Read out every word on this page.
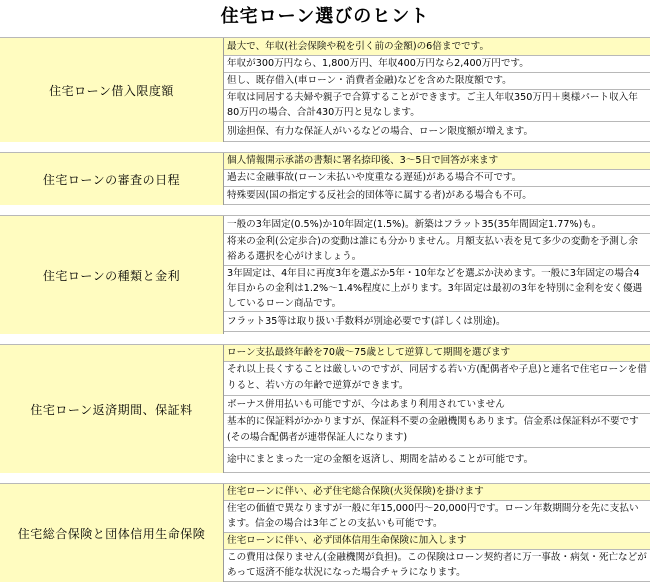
住宅ローン選びのヒント
住宅ローン借入限度額
最大で、年収(社会保険や税を引く前の金額)の6倍までです。
年収が300万円なら、1,800万円、年収400万円なら2,400万円です。
但し、既存借入(車ローン・消費者金融)などを含めた限度額です。
年収は同居する夫婦や親子で合算することができます。ご主人年収350万円＋奥様パート収入年80万円の場合、合計430万円と見なします。
別途担保、有力な保証人がいるなどの場合、ローン限度額が増えます。
住宅ローンの審査の日程
個人情報開示承諾の書類に署名捺印後、3～5日で回答が来ます
過去に金融事故(ローン未払いや度重なる遅延)がある場合不可です。
特殊要因(国の指定する反社会的団体等に属する者)がある場合も不可。
住宅ローンの種類と金利
一般の3年固定(0.5%)か10年固定(1.5%)。新築はフラット35(35年間固定1.77%)も。
将来の金利(公定歩合)の変動は誰にも分かりません。月額支払い表を見て多少の変動を予測し余裕ある選択を心がけましょう。
3年固定は、4年目に再度3年を選ぶか5年・10年などを選ぶか決めます。一般に3年固定の場合4年目からの金利は1.2%～1.4%程度に上がります。3年固定は最初の3年を特別に金利を安く優遇しているローン商品です。
フラット35等は取り扱い手数料が別途必要です(詳しくは別途)。
住宅ローン返済期間、保証料
ローン支払最終年齢を70歳～75歳として逆算して期間を選びます
それ以上長くすることは厳しいのですが、同居する若い方(配偶者や子息)と連名で住宅ローンを借りると、若い方の年齢で逆算ができます。
ボーナス併用払いも可能ですが、今はあまり利用されていません
基本的に保証料がかかりますが、保証料不要の金融機関もあります。信金系は保証料が不要です(その場合配偶者が連帯保証人になります)
途中にまとまった一定の金額を返済し、期間を詰めることが可能です。
住宅総合保険と団体信用生命保険
住宅ローンに伴い、必ず住宅総合保険(火災保険)を掛けます
住宅の価値で異なりますが一般に年15,000円～20,000円です。ローン年数期間分を先に支払います。信金の場合は3年ごとの支払いも可能です。
住宅ローンに伴い、必ず団体信用生命保険に加入します
この費用は保りません(金融機関が負担)。この保険はローン契約者に万一事故・病気・死亡などがあって返済不能な状況になった場合チャラになります。
